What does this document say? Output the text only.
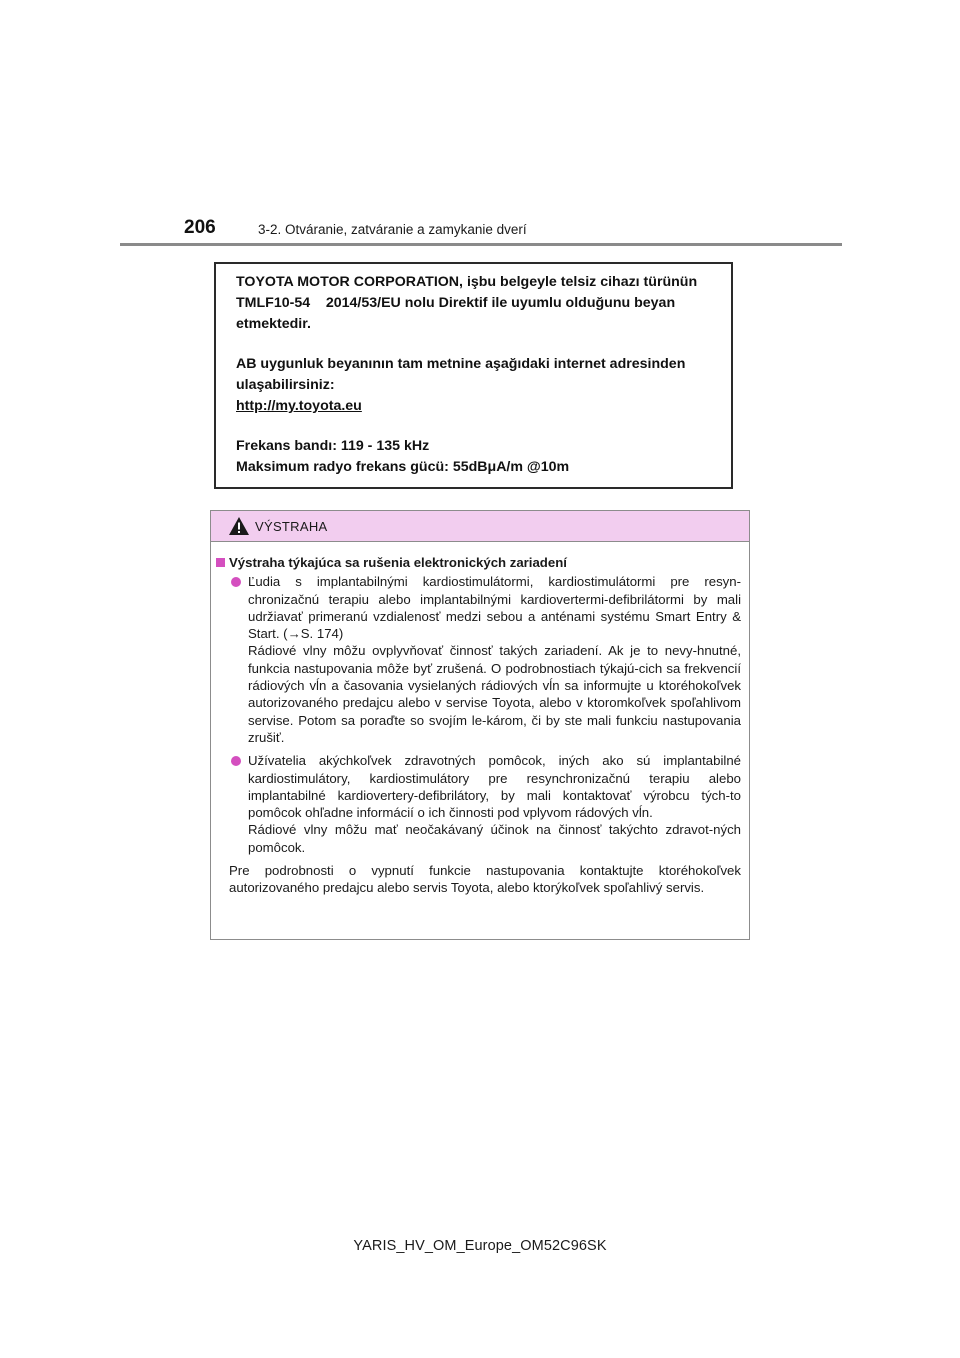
206	3-2. Otváranie, zatváranie a zamykanie dverí

TOYOTA MOTOR CORPORATION, işbu belgeyle telsiz cihazı türünün

TMLF10-54    2014/53/EU nolu Direktif ile uyumlu olduğunu beyan

etmektedir.

AB uygunluk beyanının tam metnine aşağıdaki internet adresinden

ulaşabilirsiniz:

http://my.toyota.eu

Frekans bandı: 119 - 135 kHz

Maksimum radyo frekans gücü: 55dBμA/m @10m

VÝSTRAHA
Výstraha týkajúca sa rušenia elektronických zariadení

Ľudia s implantabilnými kardiostimulátormi, kardiostimulátormi pre resyn-chronizačnú terapiu alebo implantabilnými kardiovertermi-defibrilátormi by mali udržiavať primeranú vzdialenosť medzi sebou a anténami systému Smart Entry & Start. (→S. 174)

Rádiové vlny môžu ovplyvňovať činnosť takých zariadení. Ak je to nevy-hnutné, funkcia nastupovania môže byť zrušená. O podrobnostiach týkajú-cich sa frekvencií rádiových vĺn a časovania vysielaných rádiových vĺn sa informujte u ktoréhokoľvek autorizovaného predajcu alebo v servise Toyota, alebo v ktoromkoľvek spoľahlivom servise. Potom sa poraďte so svojím le-károm, či by ste mali funkciu nastupovania zrušiť.

Užívatelia akýchkoľvek zdravotných pomôcok, iných ako sú implantabilné kardiostimulátory, kardiostimulátory pre resynchronizačnú terapiu alebo implantabilné kardiovertery-defibrilátory, by mali kontaktovať výrobcu tých-to pomôcok ohľadne informácií o ich činnosti pod vplyvom rádových vĺn.

Rádiové vlny môžu mať neočakávaný účinok na činnosť takýchto zdravot-ných pomôcok.

Pre podrobnosti o vypnutí funkcie nastupovania kontaktujte ktoréhokoľvek autorizovaného predajcu alebo servis Toyota, alebo ktorýkoľvek spoľahlivý servis.

YARIS_HV_OM_Europe_OM52C96SK
